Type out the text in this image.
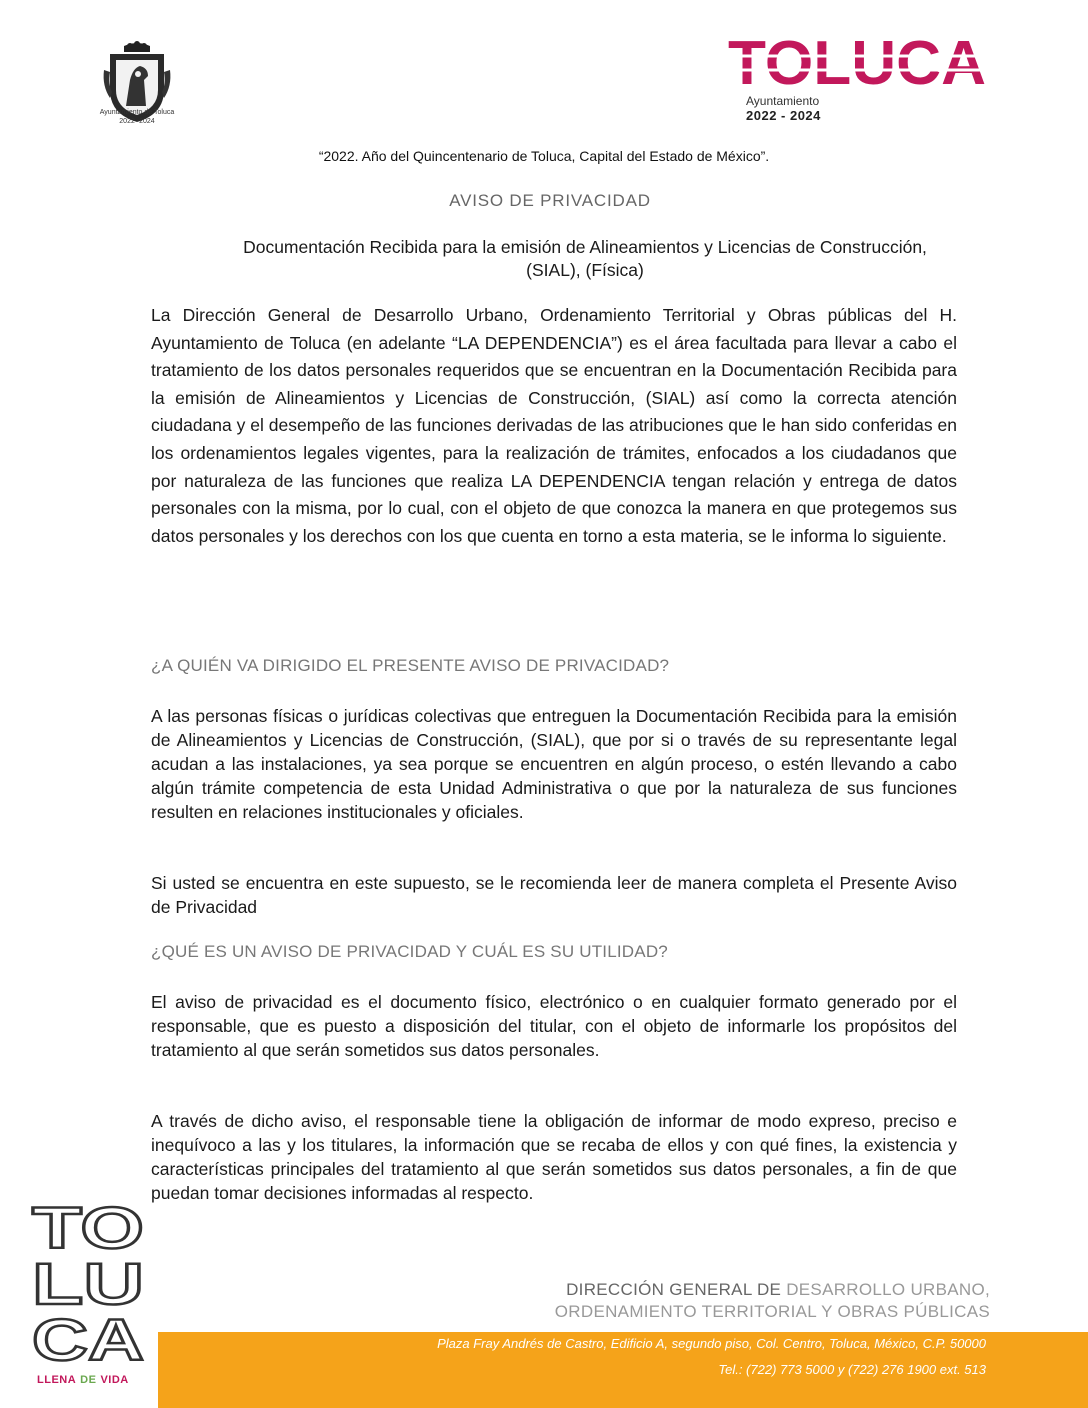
Ayuntamiento de Toluca
2022 -2024
TOLUCA
Ayuntamiento
2022 - 2024
“2022. Año del Quincentenario de Toluca, Capital del Estado de México”.
AVISO DE PRIVACIDAD
Documentación Recibida para la emisión de Alineamientos y Licencias de Construcción, (SIAL), (Física)
La Dirección General de Desarrollo Urbano, Ordenamiento Territorial y Obras públicas del H. Ayuntamiento de Toluca (en adelante “LA DEPENDENCIA”) es el área facultada para llevar a cabo el tratamiento de los datos personales requeridos que se encuentran en la Documentación Recibida para la emisión de Alineamientos y Licencias de Construcción, (SIAL) así como la correcta atención ciudadana y el desempeño de las funciones derivadas de las atribuciones que le han sido conferidas en los ordenamientos legales vigentes, para la realización de trámites, enfocados a los ciudadanos que por naturaleza de las funciones que realiza LA DEPENDENCIA tengan relación y entrega de datos personales con la misma, por lo cual, con el objeto de que conozca la manera en que protegemos sus datos personales y los derechos con los que cuenta en torno a esta materia, se le informa lo siguiente.
¿A QUIÉN VA DIRIGIDO EL PRESENTE AVISO DE PRIVACIDAD?
A las personas físicas o jurídicas colectivas que entreguen la Documentación Recibida para la emisión de Alineamientos y Licencias de Construcción, (SIAL), que por si o través de su representante legal acudan a las instalaciones, ya sea porque se encuentren en algún proceso, o estén llevando a cabo algún trámite competencia de esta Unidad Administrativa o que por la naturaleza de sus funciones resulten en relaciones institucionales y oficiales.
Si usted se encuentra en este supuesto, se le recomienda leer de manera completa el Presente Aviso de Privacidad
¿QUÉ ES UN AVISO DE PRIVACIDAD Y CUÁL ES SU UTILIDAD?
El aviso de privacidad es el documento físico, electrónico o en cualquier formato generado por el responsable, que es puesto a disposición del titular, con el objeto de informarle los propósitos del tratamiento al que serán sometidos sus datos personales.
A través de dicho aviso, el responsable tiene la obligación de informar de modo expreso, preciso e inequívoco a las y los titulares, la información que se recaba de ellos y con qué fines, la existencia y características principales del tratamiento al que serán sometidos sus datos personales, a fin de que puedan tomar decisiones informadas al respecto.
TO
LU
CA
LLENA DE VIDA
DIRECCIÓN GENERAL DE DESARROLLO URBANO,
ORDENAMIENTO TERRITORIAL Y OBRAS PÚBLICAS
Plaza Fray Andrés de Castro, Edificio A, segundo piso, Col. Centro, Toluca, México, C.P. 50000
Tel.: (722) 773 5000 y (722) 276 1900 ext. 513
